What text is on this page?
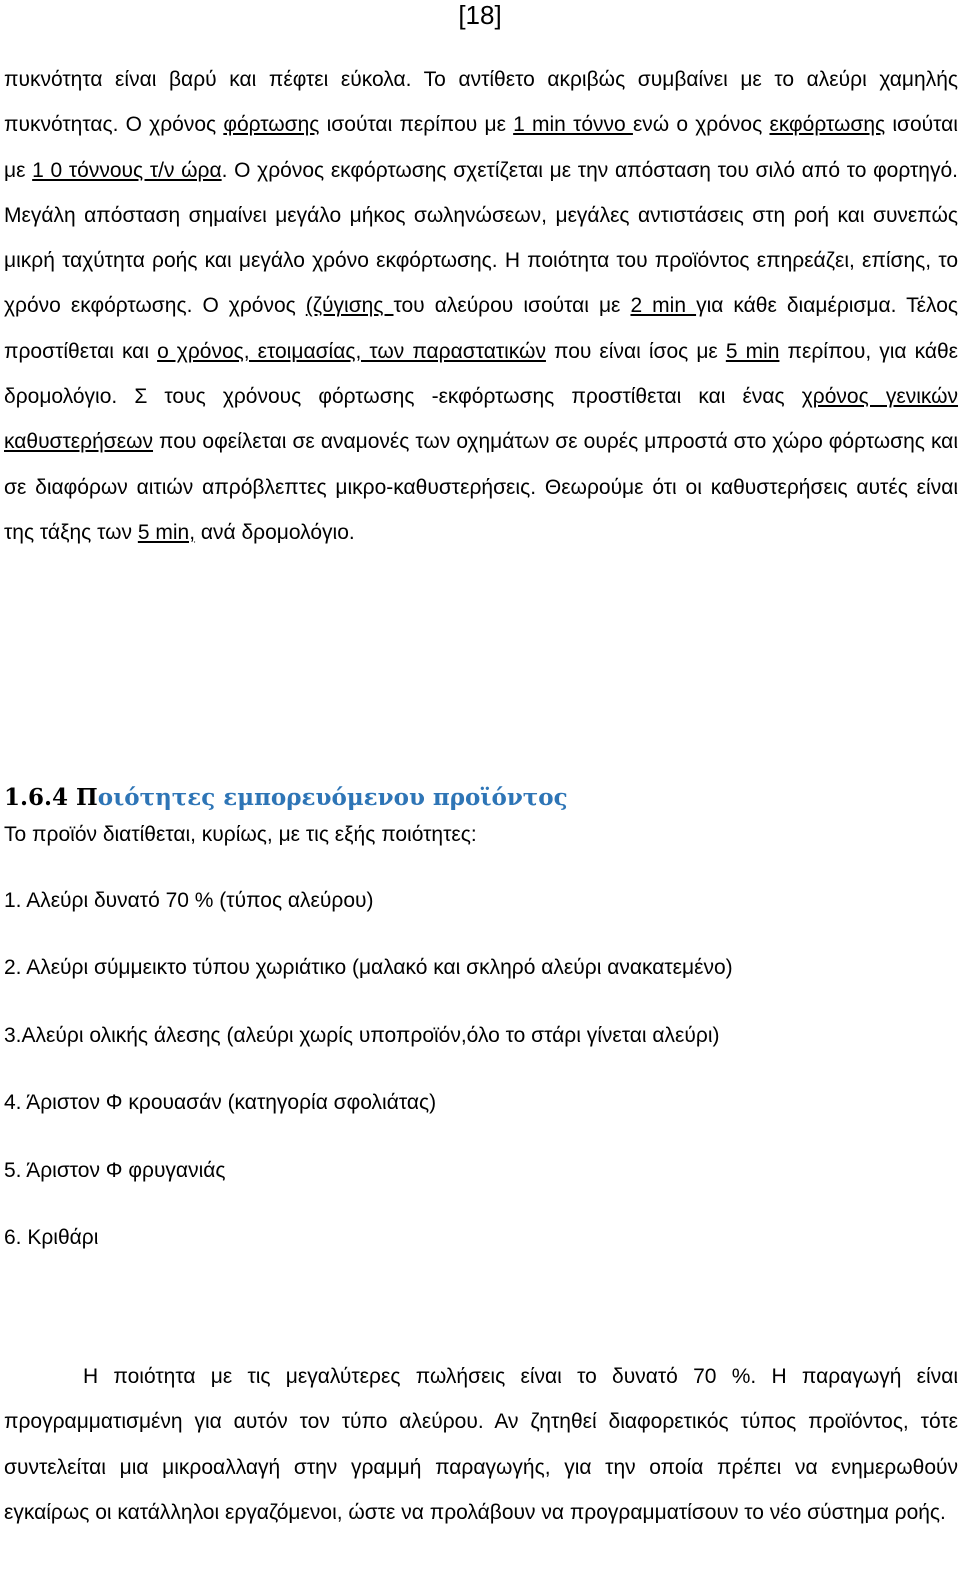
[18]

πυκνότητα είναι βαρύ και πέφτει εύκολα. Το αντίθετο ακριβώς συμβαίνει με το αλεύρι χαμηλής πυκνότητας. Ο χρόνος φόρτωσης ισούται περίπου με 1 min τόννο ενώ ο χρόνος εκφόρτωσης ισούται με 1 0 τόννους τ/ν ώρα. Ο χρόνος εκφόρτωσης σχετίζεται με την απόσταση του σιλό από το φορτηγό. Μεγάλη απόσταση σημαίνει μεγάλο μήκος σωληνώσεων, μεγάλες αντιστάσεις στη ροή και συνεπώς μικρή ταχύτητα ροής και μεγάλο χρόνο εκφόρτωσης. Η ποιότητα του προϊόντος επηρεάζει, επίσης, το χρόνο εκφόρτωσης. Ο χρόνος (ζύγισης του αλεύρου ισούται με 2 min για κάθε διαμέρισμα. Τέλος προστίθεται και ο χρόνος, ετοιμασίας, των παραστατικών που είναι ίσος με 5 min περίπου, για κάθε δρομολόγιο. Σ τους χρόνους φόρτωσης -εκφόρτωσης προστίθεται και ένας χρόνος γενικών καθυστερήσεων που οφείλεται σε αναμονές των οχημάτων σε ουρές μπροστά στο χώρο φόρτωσης και σε διαφόρων αιτιών απρόβλεπτες μικρο-καθυστερήσεις. Θεωρούμε ότι οι καθυστερήσεις αυτές είναι της τάξης των 5 min, ανά δρομολόγιο.

1.6.4 Ποιότητες εμπορευόμενου προϊόντος

Το προϊόν διατίθεται, κυρίως, με τις εξής ποιότητες:

1. Αλεύρι δυνατό 70 % (τύπος αλεύρου)
2. Αλεύρι σύμμεικτο τύπου χωριάτικο (μαλακό και σκληρό αλεύρι ανακατεμένο)
3.Αλεύρι ολικής άλεσης (αλεύρι χωρίς υποπροϊόν,όλο το στάρι γίνεται αλεύρι)
4. Άριστον Φ κρουασάν (κατηγορία σφολιάτας)
5. Άριστον Φ φρυγανιάς
6. Κριθάρι

Η ποιότητα με τις μεγαλύτερες πωλήσεις είναι το δυνατό 70 %. Η παραγωγή είναι προγραμματισμένη για αυτόν τον τύπο αλεύρου. Αν ζητηθεί διαφορετικός τύπος προϊόντος, τότε συντελείται μια μικροαλλαγή στην γραμμή παραγωγής, για την οποία πρέπει να ενημερωθούν εγκαίρως οι κατάλληλοι εργαζόμενοι, ώστε να προλάβουν να προγραμματίσουν το νέο σύστημα ροής.
